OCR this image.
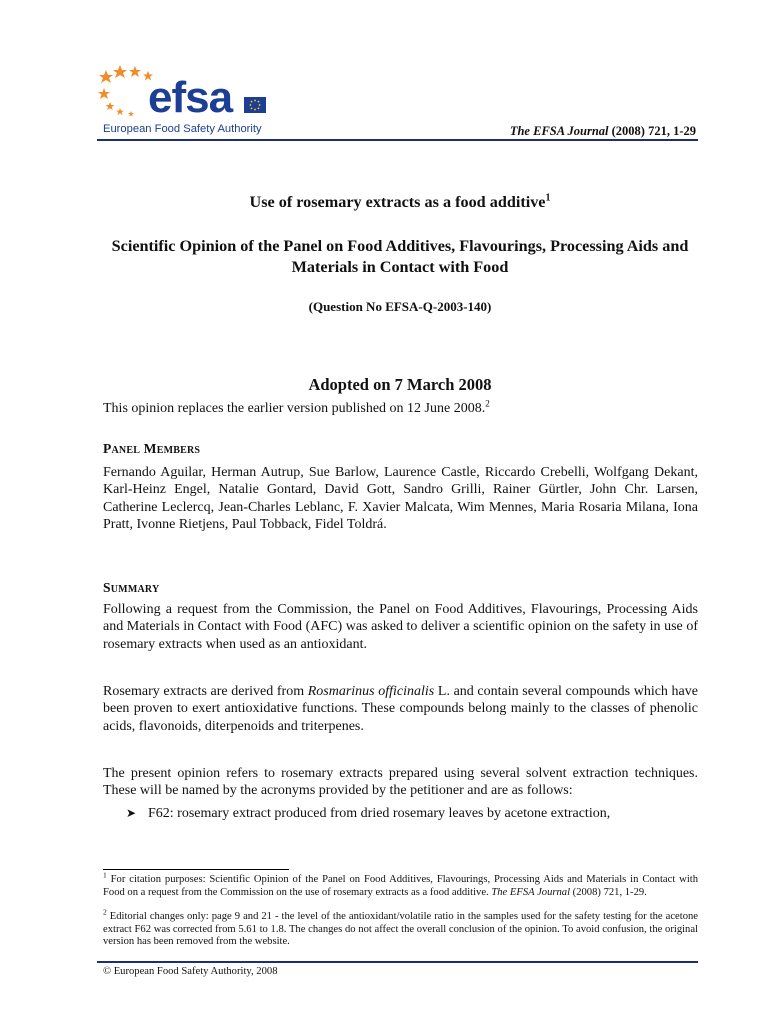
efsa
European Food Safety Authority	The EFSA Journal (2008) 721, 1-29
Use of rosemary extracts as a food additive$^1$
Scientific Opinion of the Panel on Food Additives, Flavourings, Processing Aids and Materials in Contact with Food
(Question No EFSA-Q-2003-140)
Adopted on 7 March 2008
This opinion replaces the earlier version published on 12 June 2008.$^2$
Panel Members
Fernando Aguilar, Herman Autrup, Sue Barlow, Laurence Castle, Riccardo Crebelli, Wolfgang Dekant, Karl-Heinz Engel, Natalie Gontard, David Gott, Sandro Grilli, Rainer Gürtler, John Chr. Larsen, Catherine Leclercq, Jean-Charles Leblanc, F. Xavier Malcata, Wim Mennes, Maria Rosaria Milana, Iona Pratt, Ivonne Rietjens, Paul Tobback, Fidel Toldrá.
Summary
Following a request from the Commission, the Panel on Food Additives, Flavourings, Processing Aids and Materials in Contact with Food (AFC) was asked to deliver a scientific opinion on the safety in use of rosemary extracts when used as an antioxidant.
Rosemary extracts are derived from Rosmarinus officinalis L. and contain several compounds which have been proven to exert antioxidative functions. These compounds belong mainly to the classes of phenolic acids, flavonoids, diterpenoids and triterpenes.
The present opinion refers to rosemary extracts prepared using several solvent extraction techniques. These will be named by the acronyms provided by the petitioner and are as follows:
➤ F62: rosemary extract produced from dried rosemary leaves by acetone extraction,
$^1$ For citation purposes: Scientific Opinion of the Panel on Food Additives, Flavourings, Processing Aids and Materials in Contact with Food on a request from the Commission on the use of rosemary extracts as a food additive. The EFSA Journal (2008) 721, 1-29.
$^2$ Editorial changes only: page 9 and 21 - the level of the antioxidant/volatile ratio in the samples used for the safety testing for the acetone extract F62 was corrected from 5.61 to 1.8. The changes do not affect the overall conclusion of the opinion. To avoid confusion, the original version has been removed from the website.
© European Food Safety Authority, 2008
